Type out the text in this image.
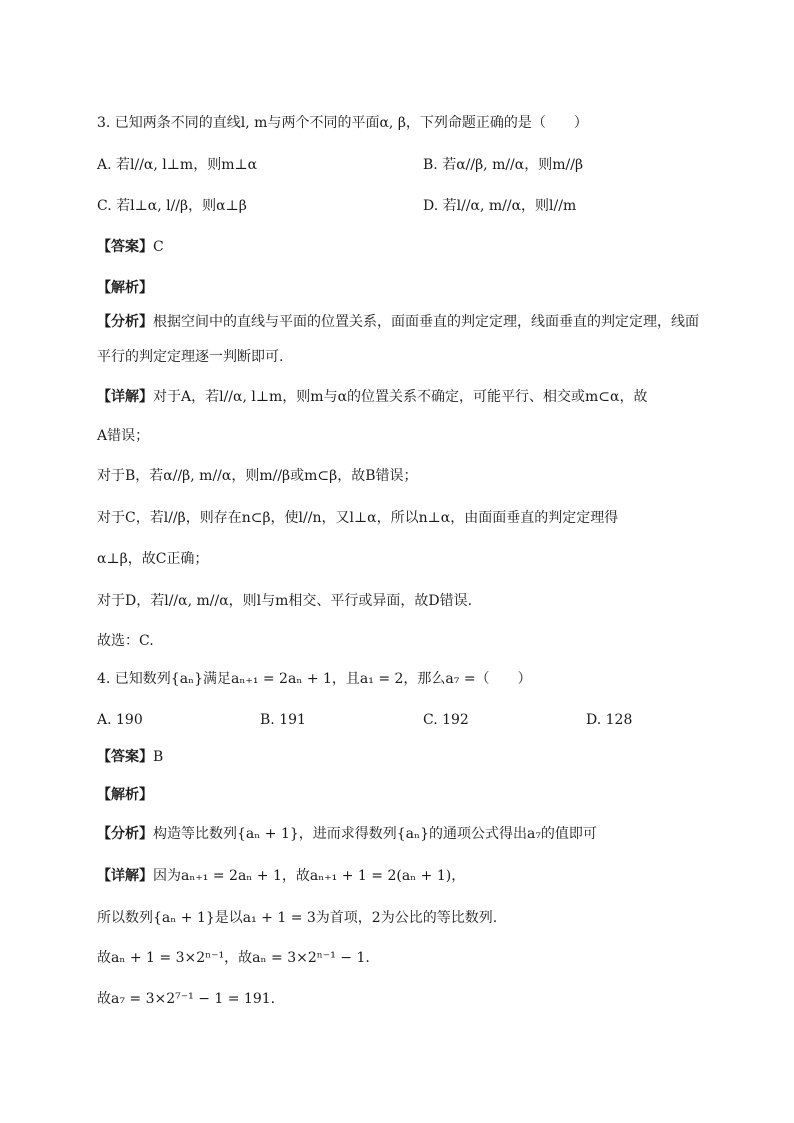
3. 已知两条不同的直线l, m与两个不同的平面α, β，下列命题正确的是（　　）
A. 若l//α, l⊥m，则m⊥α	B. 若α//β, m//α，则m//β
C. 若l⊥α, l//β，则α⊥β	D. 若l//α, m//α，则l//m
【答案】C
【解析】
【分析】根据空间中的直线与平面的位置关系，面面垂直的判定定理，线面垂直的判定定理，线面
平行的判定定理逐一判断即可.
【详解】对于A，若l//α, l⊥m，则m与α的位置关系不确定，可能平行、相交或m⊂α，故
A错误；
对于B，若α//β, m//α，则m//β或m⊂β，故B错误；
对于C，若l//β，则存在n⊂β，使l//n，又l⊥α，所以n⊥α，由面面垂直的判定定理得
α⊥β，故C正确；
对于D，若l//α, m//α，则l与m相交、平行或异面，故D错误.
故选：C.
4. 已知数列{aₙ}满足aₙ₊₁ = 2aₙ + 1，且a₁ = 2，那么a₇ =（　　）
A. 190	B. 191	C. 192	D. 128
【答案】B
【解析】
【分析】构造等比数列{aₙ + 1}，进而求得数列{aₙ}的通项公式得出a₇的值即可
【详解】因为aₙ₊₁ = 2aₙ + 1，故aₙ₊₁ + 1 = 2(aₙ + 1)，
所以数列{aₙ + 1}是以a₁ + 1 = 3为首项，2为公比的等比数列.
故aₙ + 1 = 3×2ⁿ⁻¹，故aₙ = 3×2ⁿ⁻¹ − 1.
故a₇ = 3×2⁷⁻¹ − 1 = 191.
